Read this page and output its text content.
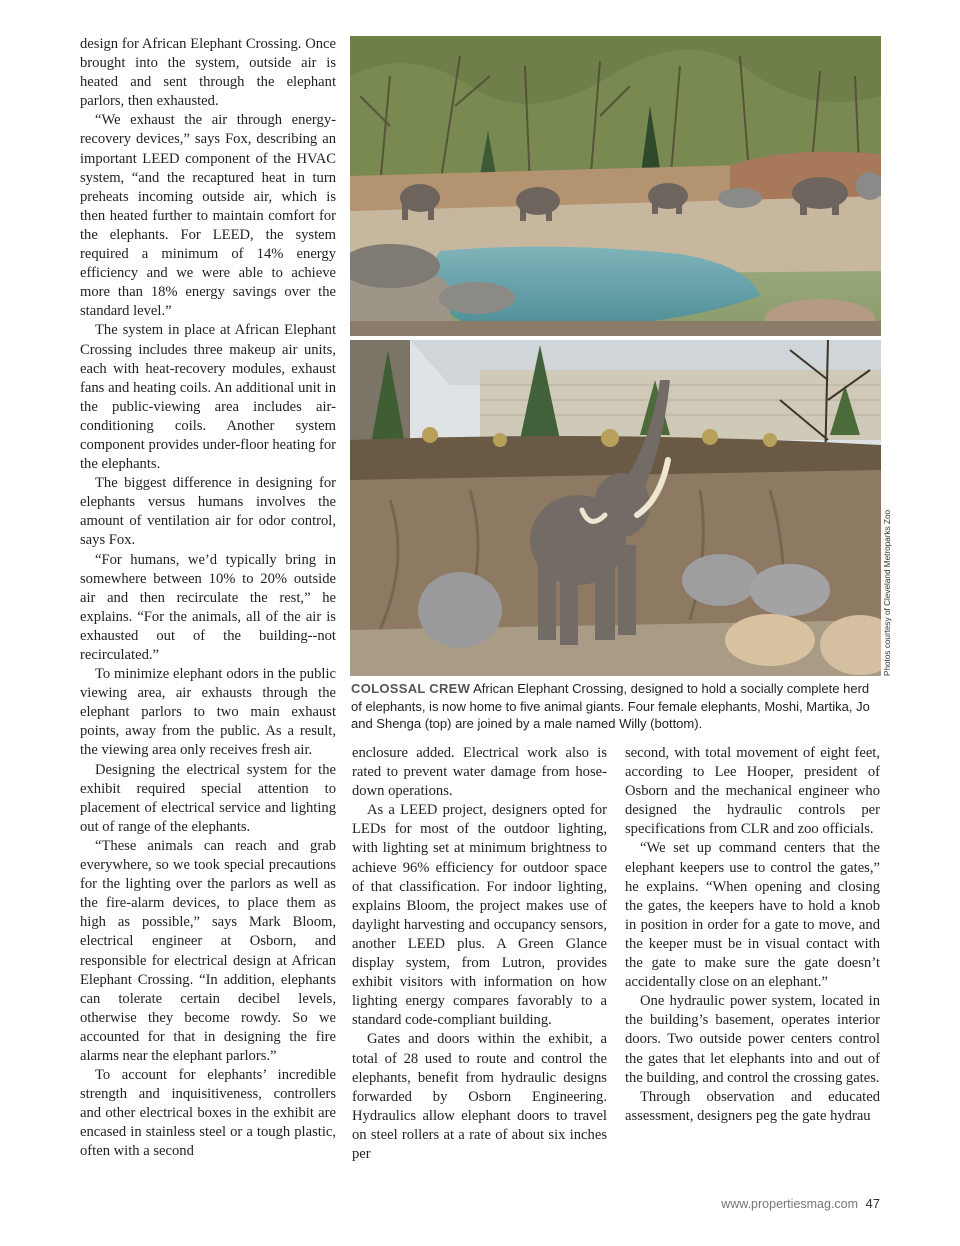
design for African Elephant Crossing. Once brought into the system, outside air is heated and sent through the elephant parlors, then exhausted.

“We exhaust the air through energyrecovery devices,” says Fox, describing an important LEED component of the HVAC system, “and the recaptured heat in turn preheats incoming outside air, which is then heated further to maintain comfort for the elephants. For LEED, the system required a minimum of 14% energy efficiency and we were able to achieve more than 18% energy savings over the standard level.”

The system in place at African Elephant Crossing includes three makeup air units, each with heat-recovery modules, exhaust fans and heating coils. An additional unit in the public-viewing area includes air-conditioning coils. Another system component provides under-floor heating for the elephants.

The biggest difference in designing for elephants versus humans involves the amount of ventilation air for odor control, says Fox.

“For humans, we’d typically bring in somewhere between 10% to 20% outside air and then recirculate the rest,” he explains. “For the animals, all of the air is exhausted out of the building--not recirculated.”

To minimize elephant odors in the public viewing area, air exhausts through the elephant parlors to two main exhaust points, away from the public. As a result, the viewing area only receives fresh air.

Designing the electrical system for the exhibit required special attention to placement of electrical service and lighting out of range of the elephants.

“These animals can reach and grab everywhere, so we took special precautions for the lighting over the parlors as well as the fire-alarm devices, to place them as high as possible,” says Mark Bloom, electrical engineer at Osborn, and responsible for electrical design at African Elephant Crossing. “In addition, elephants can tolerate certain decibel levels, otherwise they become rowdy. So we accounted for that in designing the fire alarms near the elephant parlors.”

To account for elephants’ incredible strength and inquisitiveness, controllers and other electrical boxes in the exhibit are encased in stainless steel or a tough plastic, often with a second

Photos courtesy of Cleveland Metroparks Zoo
COLOSSAL CREW African Elephant Crossing, designed to hold a socially complete herd of elephants, is now home to five animal giants. Four female elephants, Moshi, Martika, Jo and Shenga (top) are joined by a male named Willy (bottom).

enclosure added. Electrical work also is rated to prevent water damage from hose-down operations.

As a LEED project, designers opted for LEDs for most of the outdoor lighting, with lighting set at minimum brightness to achieve 96% efficiency for outdoor space of that classification. For indoor lighting, explains Bloom, the project makes use of daylight harvesting and occupancy sensors, another LEED plus. A Green Glance display system, from Lutron, provides exhibit visitors with information on how lighting energy compares favorably to a standard code-compliant building.

Gates and doors within the exhibit, a total of 28 used to route and control the elephants, benefit from hydraulic designs forwarded by Osborn Engineering. Hydraulics allow elephant doors to travel on steel rollers at a rate of about six inches per

second, with total movement of eight feet, according to Lee Hooper, president of Osborn and the mechanical engineer who designed the hydraulic controls per specifications from CLR and zoo officials.

“We set up command centers that the elephant keepers use to control the gates,” he explains. “When opening and closing the gates, the keepers have to hold a knob in position in order for a gate to move, and the keeper must be in visual contact with the gate to make sure the gate doesn’t accidentally close on an elephant.”

One hydraulic power system, located in the building’s basement, operates interior doors. Two outside power centers control the gates that let elephants into and out of the building, and control the crossing gates.

Through observation and educated assessment, designers peg the gate hydrau

www.propertiesmag.com 47
